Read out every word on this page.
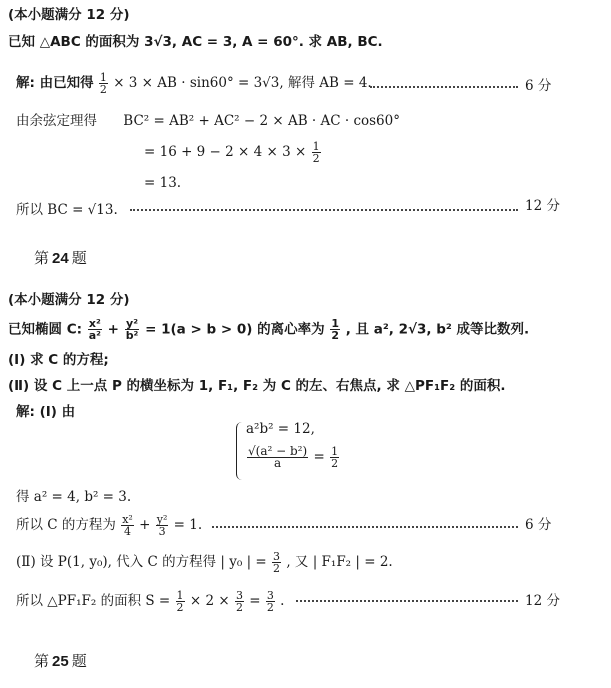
(本小题满分 12 分)
已知 △ABC 的面积为 3√3, AC = 3, A = 60°. 求 AB, BC.
解: 由已知得 $\frac{1}{2} \times 3$ × AB · sin60° = 3√3, 解得 AB = 4.	6 分
由余弦定理得 BC² = AB² + AC² − 2 × AB · AC · cos60°
= $16 + 9 - 2 \times 4 \times 3 \times \frac{1}{2}$
= 13.
所以 BC = √13.	12 分
第 24 题
(本小题满分 12 分)
已知椭圆 C: $\frac{\text{x²}}{\text{a²}} + \frac{\text{y²}}{\text{b²}} = 1(a > b > 0)$ 的离心率为 $\frac{1}{2}$ , 且 a², 2√3, b² 成等比数列.
(Ⅰ) 求 C 的方程;
(Ⅱ) 设 C 上一点 P 的横坐标为 1, F₁, F₂ 为 C 的左、右焦点, 求 △PF₁F₂ 的面积.
解: (Ⅰ) 由
a²b² = 12,
$\frac{\text{√(a² − b²)}}{a} = \frac{1}{2}$
得 a² = 4, b² = 3.
所以 C 的方程为 $\frac{\text{x²}}{4} + \frac{\text{y²}}{3} = 1$.	6 分
(Ⅱ) 设 P(1, y₀), 代入 C 的方程得 | y₀ | = $\frac{3}{2}$ , 又 | F₁F₂ | = 2.
所以 △PF₁F₂ 的面积 $S = \frac{1}{2} \times 2 \times \frac{3}{2} = \frac{3}{2}$ .	12 分
第 25 题
